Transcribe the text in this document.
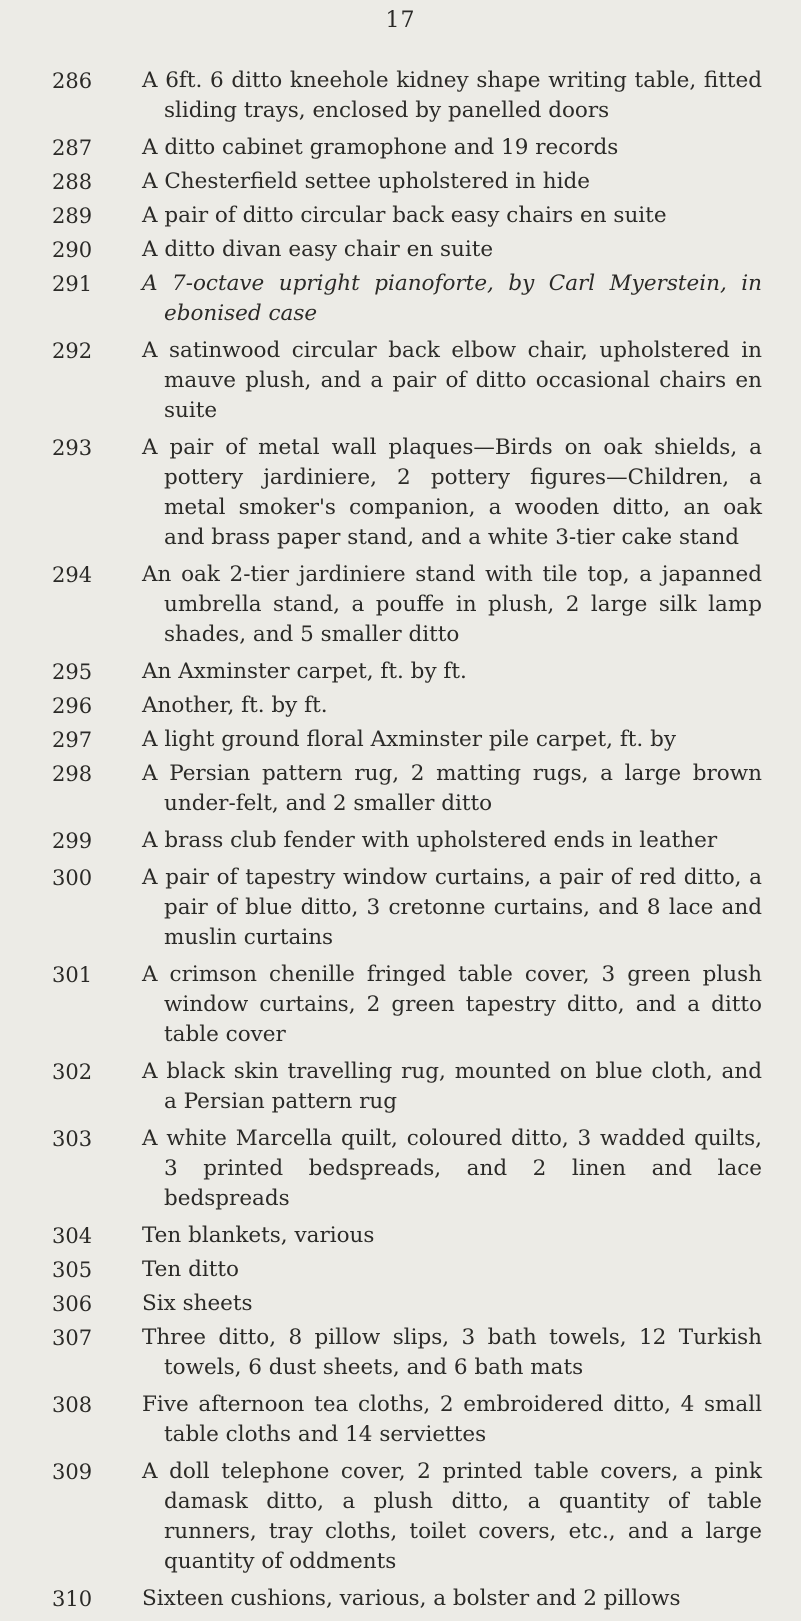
17
286	A 6ft. 6 ditto kneehole kidney shape writing table, fitted sliding trays, enclosed by panelled doors
287	A ditto cabinet gramophone and 19 records
288	A Chesterfield settee upholstered in hide
289	A pair of ditto circular back easy chairs en suite
290	A ditto divan easy chair en suite
291	A 7-octave upright pianoforte, by Carl Myerstein, in ebonised case
292	A satinwood circular back elbow chair, upholstered in mauve plush, and a pair of ditto occasional chairs en suite
293	A pair of metal wall plaques—Birds on oak shields, a pottery jardiniere, 2 pottery figures—Children, a metal smoker's companion, a wooden ditto, an oak and brass paper stand, and a white 3-tier cake stand
294	An oak 2-tier jardiniere stand with tile top, a japanned umbrella stand, a pouffe in plush, 2 large silk lamp shades, and 5 smaller ditto
295	An Axminster carpet, ft. by ft.
296	Another, ft. by ft.
297	A light ground floral Axminster pile carpet, ft. by
298	A Persian pattern rug, 2 matting rugs, a large brown under-felt, and 2 smaller ditto
299	A brass club fender with upholstered ends in leather
300	A pair of tapestry window curtains, a pair of red ditto, a pair of blue ditto, 3 cretonne curtains, and 8 lace and muslin curtains
301	A crimson chenille fringed table cover, 3 green plush window curtains, 2 green tapestry ditto, and a ditto table cover
302	A black skin travelling rug, mounted on blue cloth, and a Persian pattern rug
303	A white Marcella quilt, coloured ditto, 3 wadded quilts, 3 printed bedspreads, and 2 linen and lace bedspreads
304	Ten blankets, various
305	Ten ditto
306	Six sheets
307	Three ditto, 8 pillow slips, 3 bath towels, 12 Turkish towels, 6 dust sheets, and 6 bath mats
308	Five afternoon tea cloths, 2 embroidered ditto, 4 small table cloths and 14 serviettes
309	A doll telephone cover, 2 printed table covers, a pink damask ditto, a plush ditto, a quantity of table runners, tray cloths, toilet covers, etc., and a large quantity of oddments
310	Sixteen cushions, various, a bolster and 2 pillows
